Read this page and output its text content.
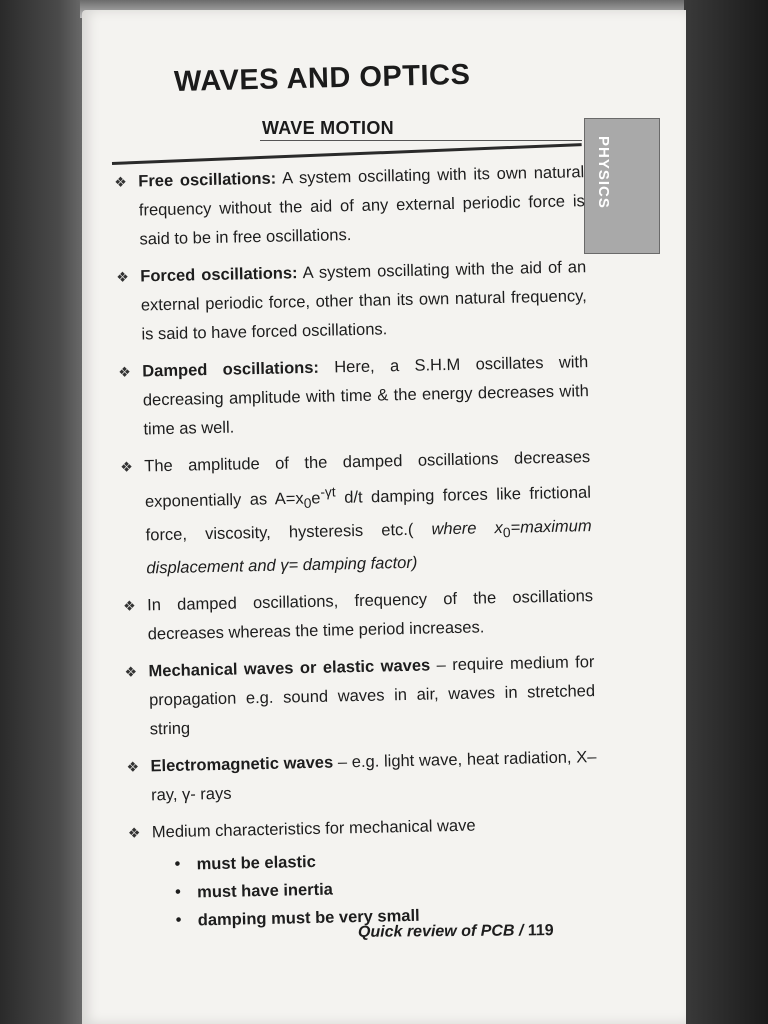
WAVES AND OPTICS
WAVE MOTION
PHYSICS
❖ Free oscillations: A system oscillating with its own natural frequency without the aid of any external periodic force is said to be in free oscillations.
❖ Forced oscillations: A system oscillating with the aid of an external periodic force, other than its own natural frequency, is said to have forced oscillations.
❖ Damped oscillations: Here, a S.H.M oscillates with decreasing amplitude with time & the energy decreases with time as well.
❖ The amplitude of the damped oscillations decreases exponentially as $A=x_0e^{-\gamma t}$ d/t damping forces like frictional force, viscosity, hysteresis etc.( where $x_0=maximum$ displacement and γ= damping factor)
❖ In damped oscillations, frequency of the oscillations decreases whereas the time period increases.
❖ Mechanical waves or elastic waves – require medium for propagation e.g. sound waves in air, waves in stretched string
❖ Electromagnetic waves – e.g. light wave, heat radiation, X–ray, γ- rays
❖ Medium characteristics for mechanical wave
• must be elastic
• must have inertia
• damping must be very small
Quick review of PCB / 119
